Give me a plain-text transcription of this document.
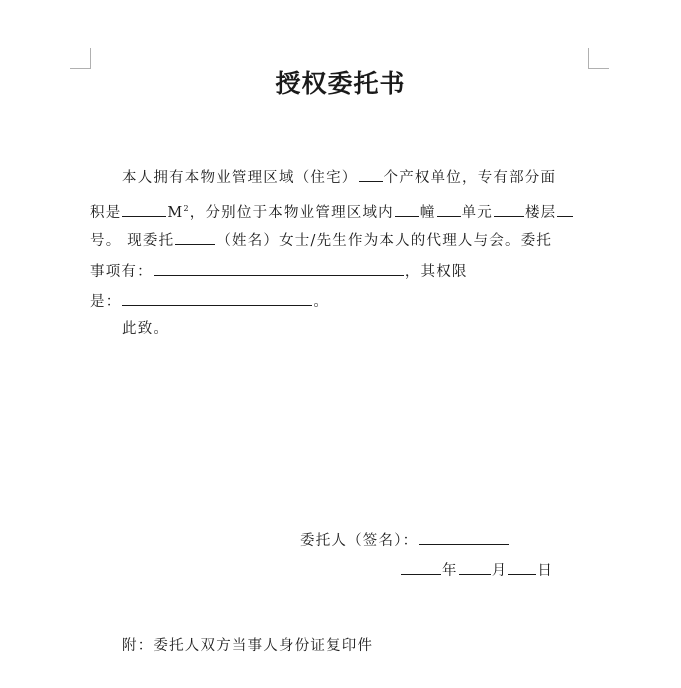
授权委托书
本人拥有本物业管理区域（住宅） 个产权单位，专有部分面
积是	$M^2$，分别位于本物业管理区域内 幢 单元 楼层
号。 现委托	（姓名）女士/先生作为本人的代理人与会。委托
事项有：	，其权限
是：	。
此致。
委托人（签名）：
年 月 日
附：委托人双方当事人身份证复印件
